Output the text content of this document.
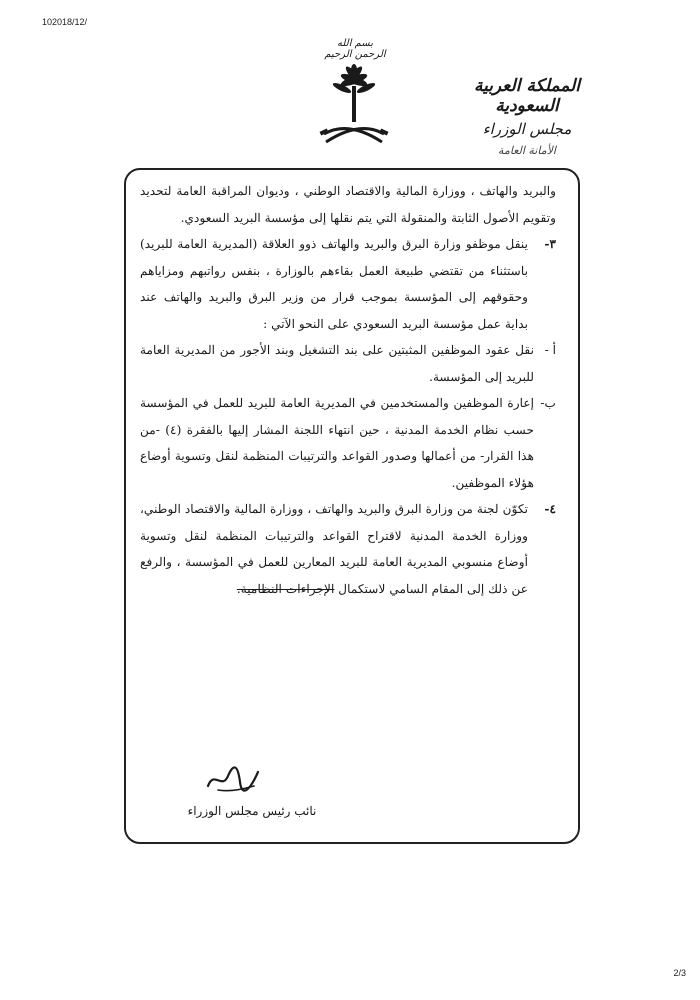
102018/12/
بسم الله الرحمن الرحيم
المملكة العربية السعودية
مجلس الوزراء
الأمانة العامة

والبريد والهاتف ، ووزارة المالية والاقتصاد الوطني ، وديوان المراقبة العامة لتحديد وتقويم الأصول الثابتة والمنقولة التي يتم نقلها إلى مؤسسة البريد السعودي.

٣-
ينقل موظفو وزارة البرق والبريد والهاتف ذوو العلاقة (المديرية العامة للبريد) باستثناء من تقتضي طبيعة العمل بقاءهم بالوزارة ، بنفس رواتبهم ومزاياهم وحقوقهم إلى المؤسسة بموجب قرار من وزير البرق والبريد والهاتف عند بداية عمل مؤسسة البريد السعودي على النحو الآتي :
أ -
نقل عقود الموظفين المثبتين على بند التشغيل وبند الأجور من المديرية العامة للبريد إلى المؤسسة.
ب-
إعارة الموظفين والمستخدمين في المديرية العامة للبريد للعمل في المؤسسة حسب نظام الخدمة المدنية ، حين انتهاء اللجنة المشار إليها بالفقرة (٤) -من هذا القرار- من أعمالها وصدور القواعد والترتيبات المنظمة لنقل وتسوية أوضاع هؤلاء الموظفين.
٤-
تكوّن لجنة من وزارة البرق والبريد والهاتف ، ووزارة المالية والاقتصاد الوطني، ووزارة الخدمة المدنية لاقتراح القواعد والترتيبات المنظمة لنقل وتسوية أوضاع منسوبي المديرية العامة للبريد المعارين للعمل في المؤسسة ، والرفع عن ذلك إلى المقام السامي لاستكمال الإجراءات النظامية.
نائب رئيس مجلس الوزراء
2/3
